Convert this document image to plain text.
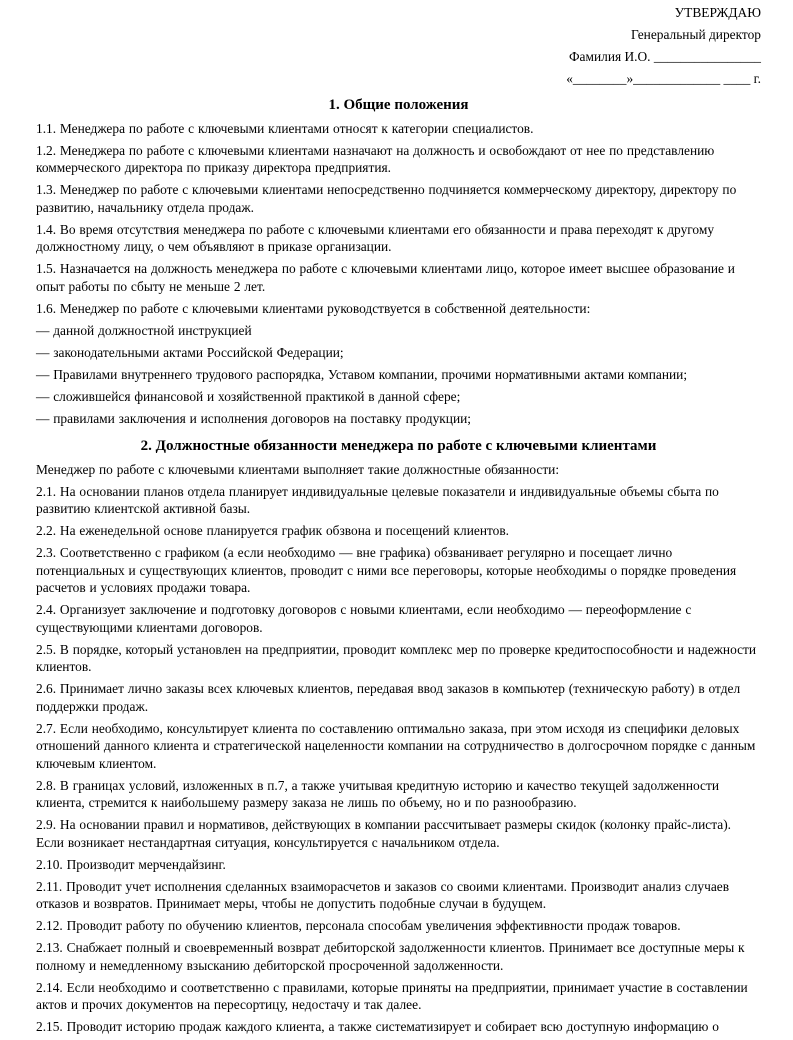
УТВЕРЖДАЮ

Генеральный директор

Фамилия И.О. ________________

«________»_____________ ____ г.

1. Общие положения

1.1. Менеджера по работе с ключевыми клиентами относят к категории специалистов.

1.2. Менеджера по работе с ключевыми клиентами назначают на должность и освобождают от нее по представлению коммерческого директора по приказу директора предприятия.

1.3. Менеджер по работе с ключевыми клиентами непосредственно подчиняется коммерческому директору, директору по развитию, начальнику отдела продаж.

1.4. Во время отсутствия менеджера по работе с ключевыми клиентами его обязанности и права переходят к другому должностному лицу, о чем объявляют в приказе организации.

1.5. Назначается на должность менеджера по работе с ключевыми клиентами лицо, которое имеет высшее образование и опыт работы по сбыту не меньше 2 лет.

1.6. Менеджер по работе с ключевыми клиентами руководствуется в собственной деятельности:

— данной должностной инструкцией

— законодательными актами Российской Федерации;

— Правилами внутреннего трудового распорядка, Уставом компании, прочими нормативными актами компании;

— сложившейся финансовой и хозяйственной практикой в данной сфере;

— правилами заключения и исполнения договоров на поставку продукции;

2. Должностные обязанности менеджера по работе с ключевыми клиентами

Менеджер по работе с ключевыми клиентами выполняет такие должностные обязанности:

2.1. На основании планов отдела планирует индивидуальные целевые показатели и индивидуальные объемы сбыта по развитию клиентской активной базы.

2.2. На еженедельной основе планируется график обзвона и посещений клиентов.

2.3. Соответственно с графиком (а если необходимо — вне графика) обзванивает регулярно и посещает лично потенциальных и существующих клиентов, проводит с ними все переговоры, которые необходимы о порядке проведения расчетов и условиях продажи товара.

2.4. Организует заключение и подготовку договоров с новыми клиентами, если необходимо — переоформление с существующими клиентами договоров.

2.5. В порядке, который установлен на предприятии, проводит комплекс мер по проверке кредитоспособности и надежности клиентов.

2.6. Принимает лично заказы всех ключевых клиентов, передавая ввод заказов в компьютер (техническую работу) в отдел поддержки продаж.

2.7. Если необходимо, консультирует клиента по составлению оптимально заказа, при этом исходя из специфики деловых отношений данного клиента и стратегической нацеленности компании на сотрудничество в долгосрочном порядке с данным ключевым клиентом.

2.8. В границах условий, изложенных в п.7, а также учитывая кредитную историю и качество текущей задолженности клиента, стремится к наибольшему размеру заказа не лишь по объему, но и по разнообразию.

2.9. На основании правил и нормативов, действующих в компании рассчитывает размеры скидок (колонку прайс-листа). Если возникает нестандартная ситуация, консультируется с начальником отдела.

2.10. Производит мерчендайзинг.

2.11. Проводит учет исполнения сделанных взаиморасчетов и заказов со своими клиентами. Производит анализ случаев отказов и возвратов. Принимает меры, чтобы не допустить подобные случаи в будущем.

2.12. Проводит работу по обучению клиентов, персонала способам увеличения эффективности продаж товаров.

2.13. Снабжает полный и своевременный возврат дебиторской задолженности клиентов. Принимает все доступные меры к полному и немедленному взысканию дебиторской просроченной задолженности.

2.14. Если необходимо и соответственно с правилами, которые приняты на предприятии, принимает участие в составлении актов и прочих документов на пересортицу, недостачу и так далее.

2.15. Проводит историю продаж каждого клиента, а также систематизирует и собирает всю доступную информацию о
